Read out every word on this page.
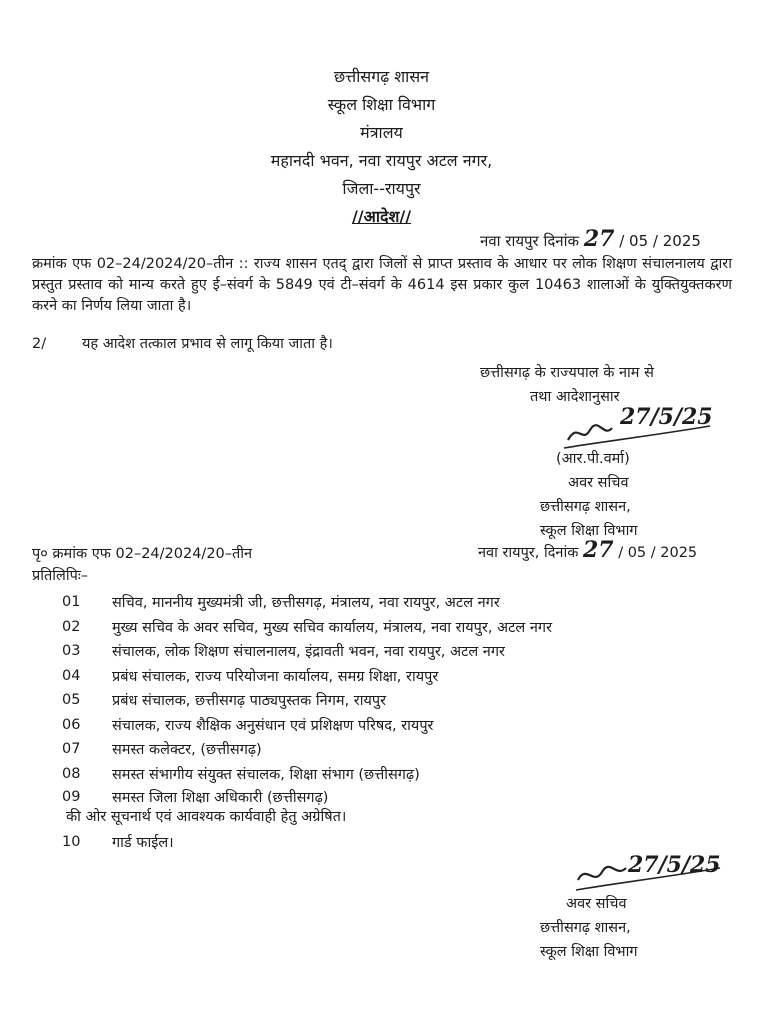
छत्तीसगढ़ शासन
स्कूल शिक्षा विभाग
मंत्रालय
महानदी भवन, नवा रायपुर अटल नगर,
जिला--रायपुर
//आदेश//
नवा रायपुर दिनांक 27 / 05 / 2025
क्रमांक एफ 02–24/2024/20–तीन :: राज्य शासन एतद् द्वारा जिलों से प्राप्त प्रस्ताव के आधार पर लोक शिक्षण संचालनालय द्वारा प्रस्तुत प्रस्ताव को मान्य करते हुए ई–संवर्ग के 5849 एवं टी–संवर्ग के 4614 इस प्रकार कुल 10463 शालाओं के युक्तियुक्तकरण करने का निर्णय लिया जाता है।
2/ यह आदेश तत्काल प्रभाव से लागू किया जाता है।
छत्तीसगढ़ के राज्यपाल के नाम से
तथा आदेशानुसार
27/5/25
(आर.पी.वर्मा)
अवर सचिव
छत्तीसगढ़ शासन,
स्कूल शिक्षा विभाग
पृ० क्रमांक एफ 02–24/2024/20–तीन	नवा रायपुर, दिनांक 27 / 05 / 2025
प्रतिलिपिः–
01 सचिव, माननीय मुख्यमंत्री जी, छत्तीसगढ़, मंत्रालय, नवा रायपुर, अटल नगर
02 मुख्य सचिव के अवर सचिव, मुख्य सचिव कार्यालय, मंत्रालय, नवा रायपुर, अटल नगर
03 संचालक, लोक शिक्षण संचालनालय, इंद्रावती भवन, नवा रायपुर, अटल नगर
04 प्रबंध संचालक, राज्य परियोजना कार्यालय, समग्र शिक्षा, रायपुर
05 प्रबंध संचालक, छत्तीसगढ़ पाठ्यपुस्तक निगम, रायपुर
06 संचालक, राज्य शैक्षिक अनुसंधान एवं प्रशिक्षण परिषद, रायपुर
07 समस्त कलेक्टर, (छत्तीसगढ़)
08 समस्त संभागीय संयुक्त संचालक, शिक्षा संभाग (छत्तीसगढ़)
09 समस्त जिला शिक्षा अधिकारी (छत्तीसगढ़)
की ओर सूचनार्थ एवं आवश्यक कार्यवाही हेतु अग्रेषित।
10 गार्ड फाईल।
27/5/25
अवर सचिव
छत्तीसगढ़ शासन,
स्कूल शिक्षा विभाग
